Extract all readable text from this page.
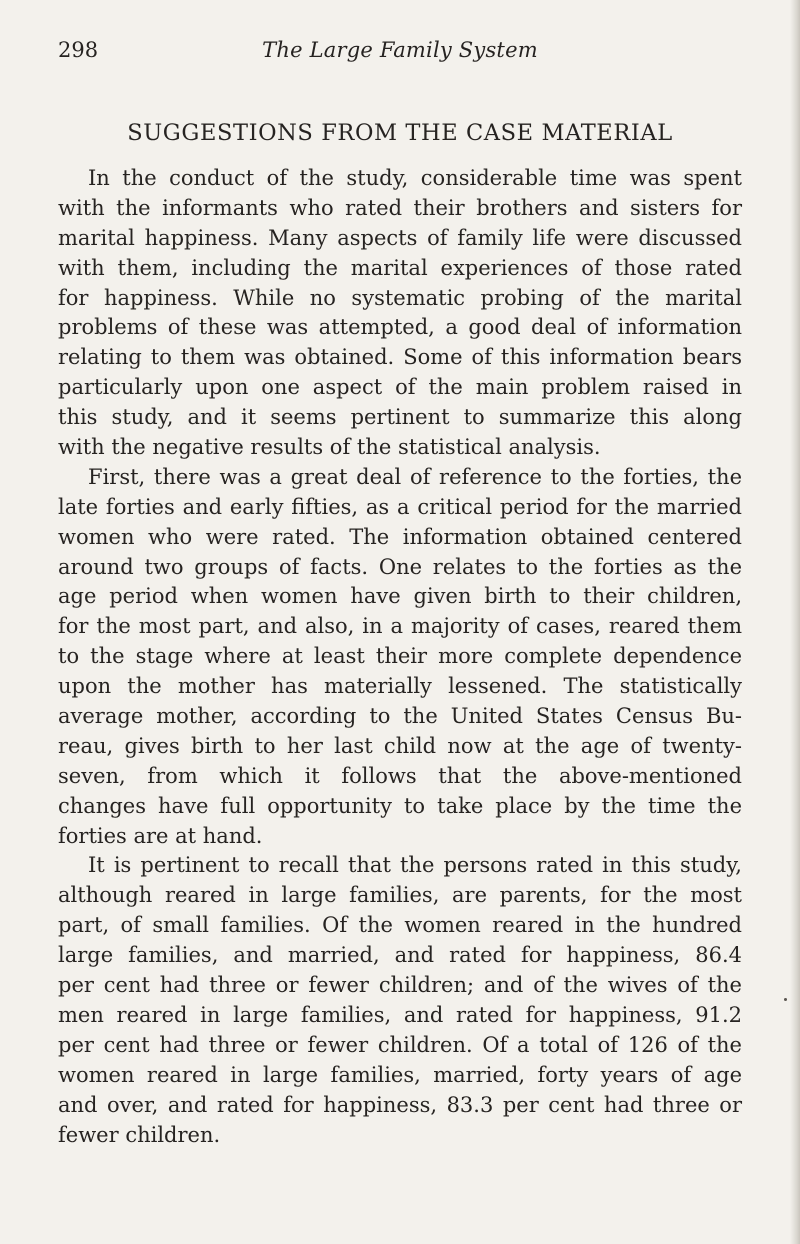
298	The Large Family System
SUGGESTIONS FROM THE CASE MATERIAL
In the conduct of the study, considerable time was spent
with the informants who rated their brothers and sisters for
marital happiness. Many aspects of family life were discussed
with them, including the marital experiences of those rated
for happiness. While no systematic probing of the marital
problems of these was attempted, a good deal of information
relating to them was obtained. Some of this information bears
particularly upon one aspect of the main problem raised in
this study, and it seems pertinent to summarize this along
with the negative results of the statistical analysis.
First, there was a great deal of reference to the forties, the
late forties and early fifties, as a critical period for the married
women who were rated. The information obtained centered
around two groups of facts. One relates to the forties as the
age period when women have given birth to their children,
for the most part, and also, in a majority of cases, reared them
to the stage where at least their more complete dependence
upon the mother has materially lessened. The statistically
average mother, according to the United States Census Bu-
reau, gives birth to her last child now at the age of twenty-
seven, from which it follows that the above-mentioned
changes have full opportunity to take place by the time the
forties are at hand.
It is pertinent to recall that the persons rated in this study,
although reared in large families, are parents, for the most
part, of small families. Of the women reared in the hundred
large families, and married, and rated for happiness, 86.4
per cent had three or fewer children; and of the wives of the
men reared in large families, and rated for happiness, 91.2
per cent had three or fewer children. Of a total of 126 of the
women reared in large families, married, forty years of age
and over, and rated for happiness, 83.3 per cent had three or
fewer children.
